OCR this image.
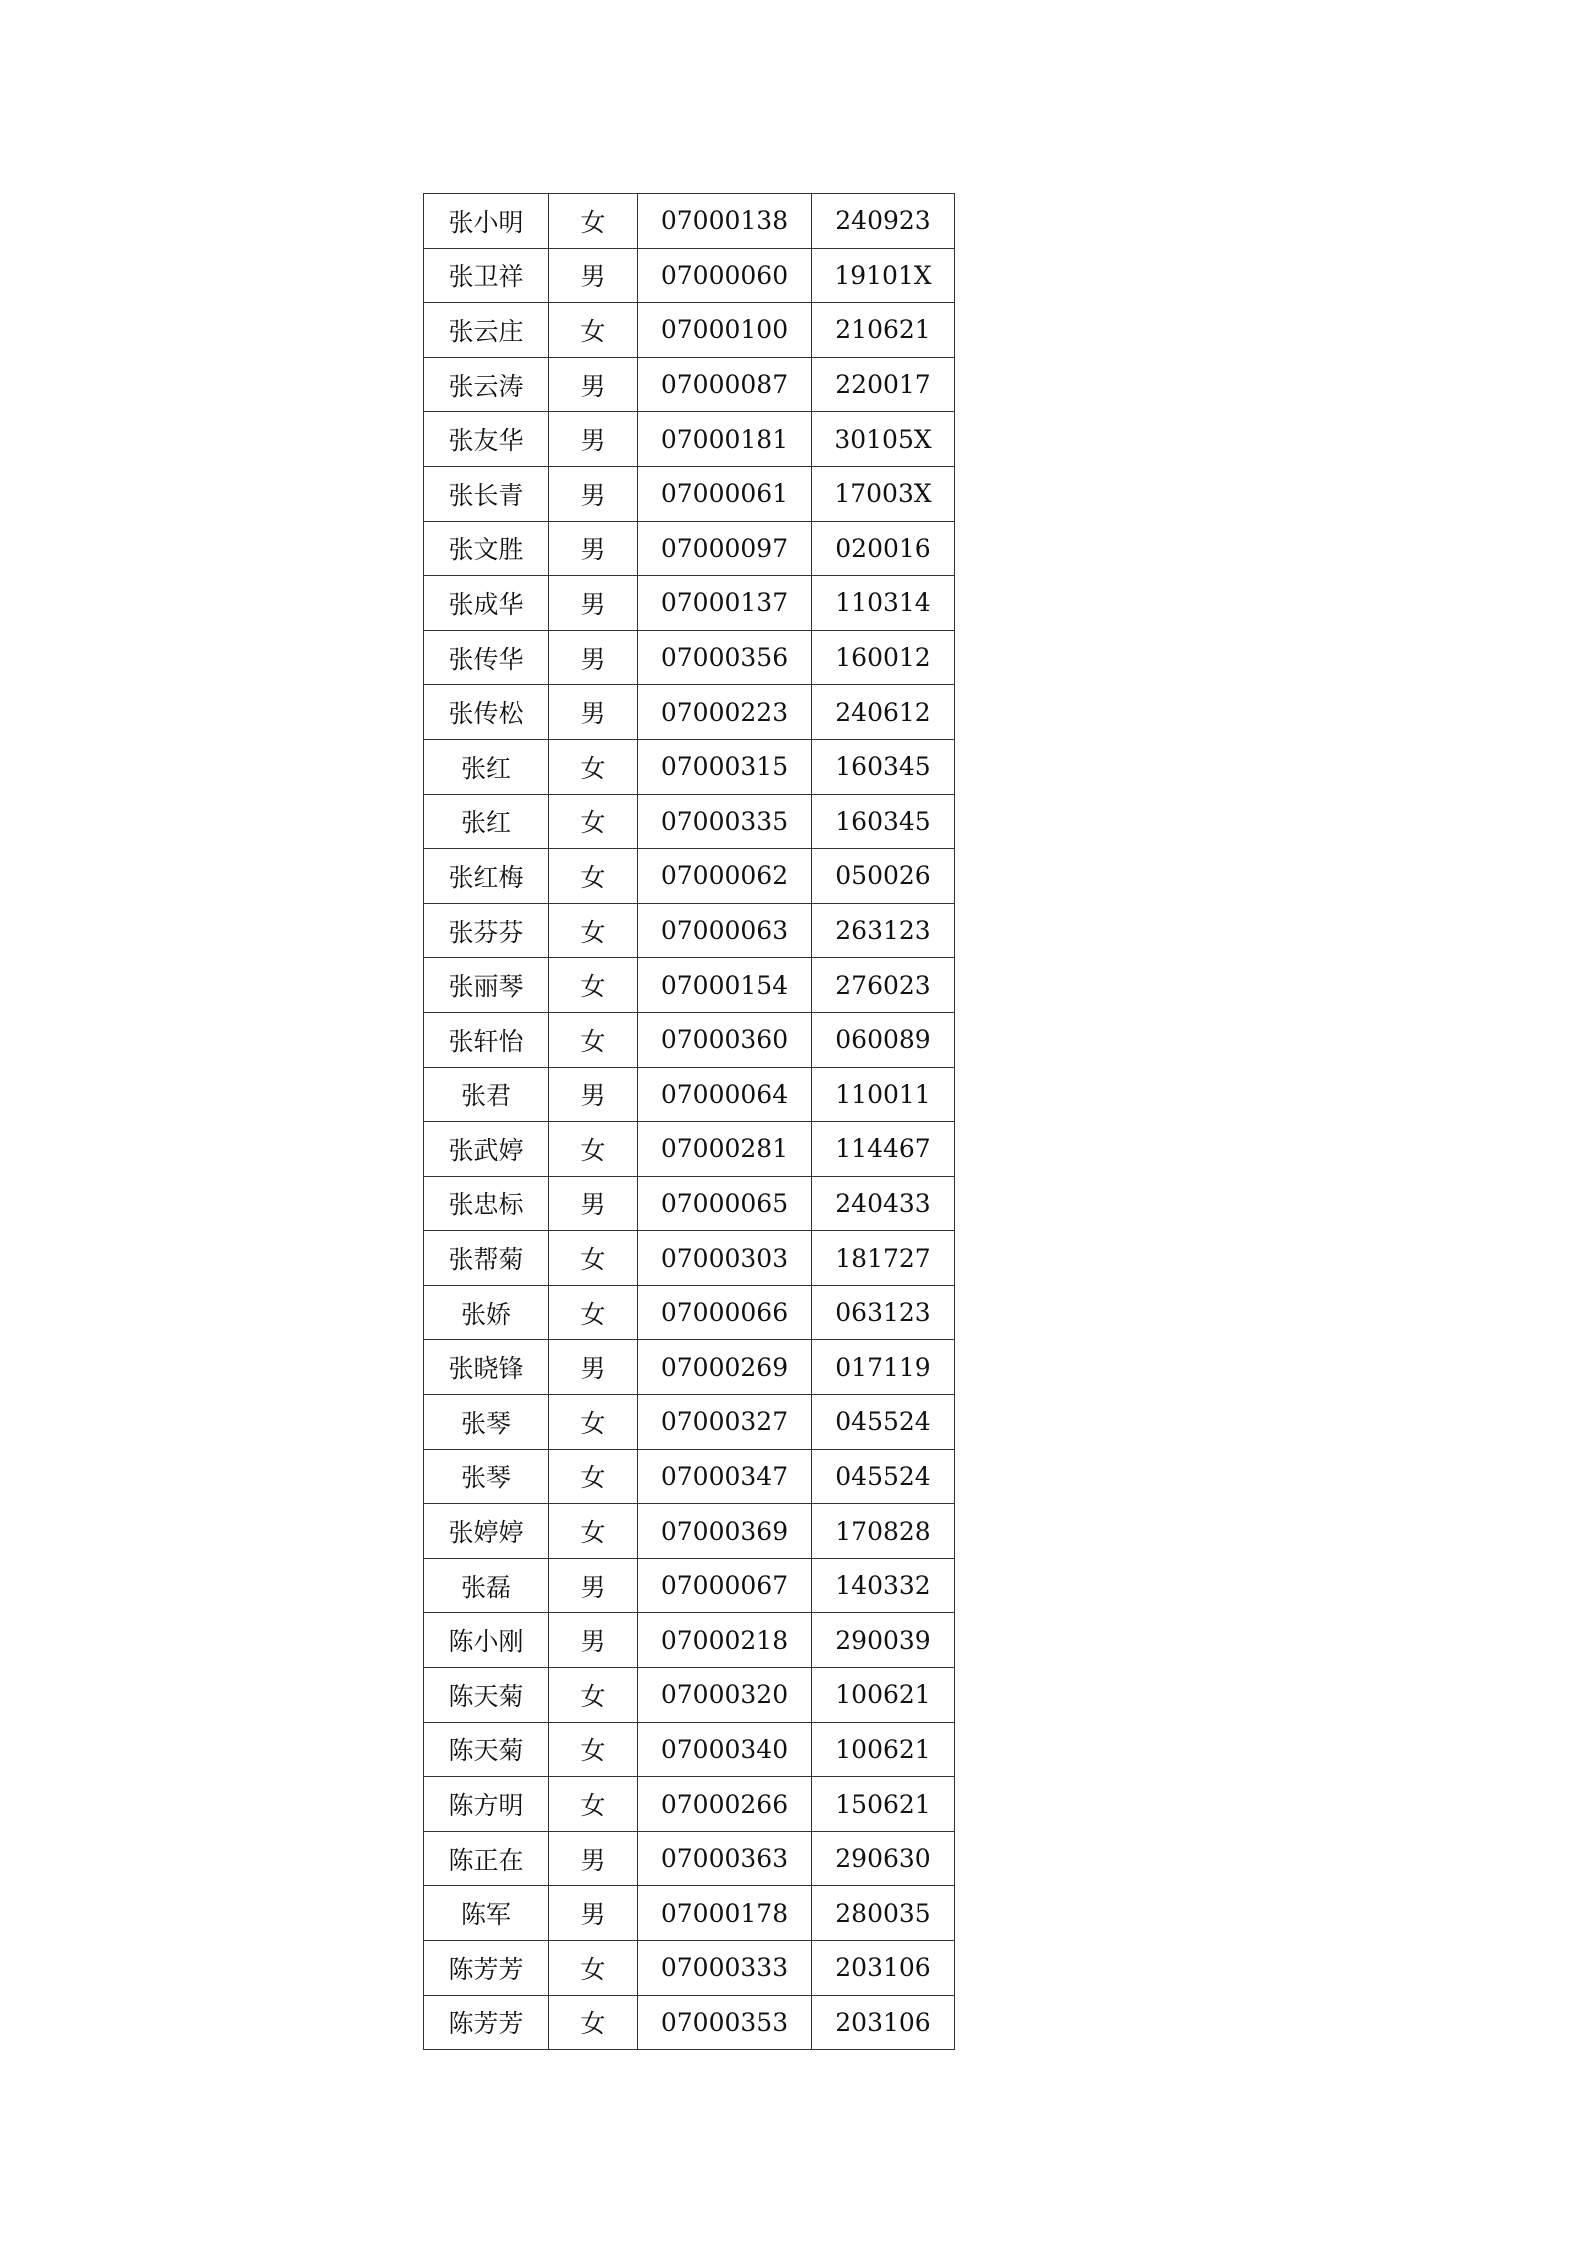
张小明	女	07000138	240923
张卫祥	男	07000060	19101X
张云庄	女	07000100	210621
张云涛	男	07000087	220017
张友华	男	07000181	30105X
张长青	男	07000061	17003X
张文胜	男	07000097	020016
张成华	男	07000137	110314
张传华	男	07000356	160012
张传松	男	07000223	240612
张红	女	07000315	160345
张红	女	07000335	160345
张红梅	女	07000062	050026
张芬芬	女	07000063	263123
张丽琴	女	07000154	276023
张轩怡	女	07000360	060089
张君	男	07000064	110011
张武婷	女	07000281	114467
张忠标	男	07000065	240433
张帮菊	女	07000303	181727
张娇	女	07000066	063123
张晓锋	男	07000269	017119
张琴	女	07000327	045524
张琴	女	07000347	045524
张婷婷	女	07000369	170828
张磊	男	07000067	140332
陈小刚	男	07000218	290039
陈天菊	女	07000320	100621
陈天菊	女	07000340	100621
陈方明	女	07000266	150621
陈正在	男	07000363	290630
陈军	男	07000178	280035
陈芳芳	女	07000333	203106
陈芳芳	女	07000353	203106
